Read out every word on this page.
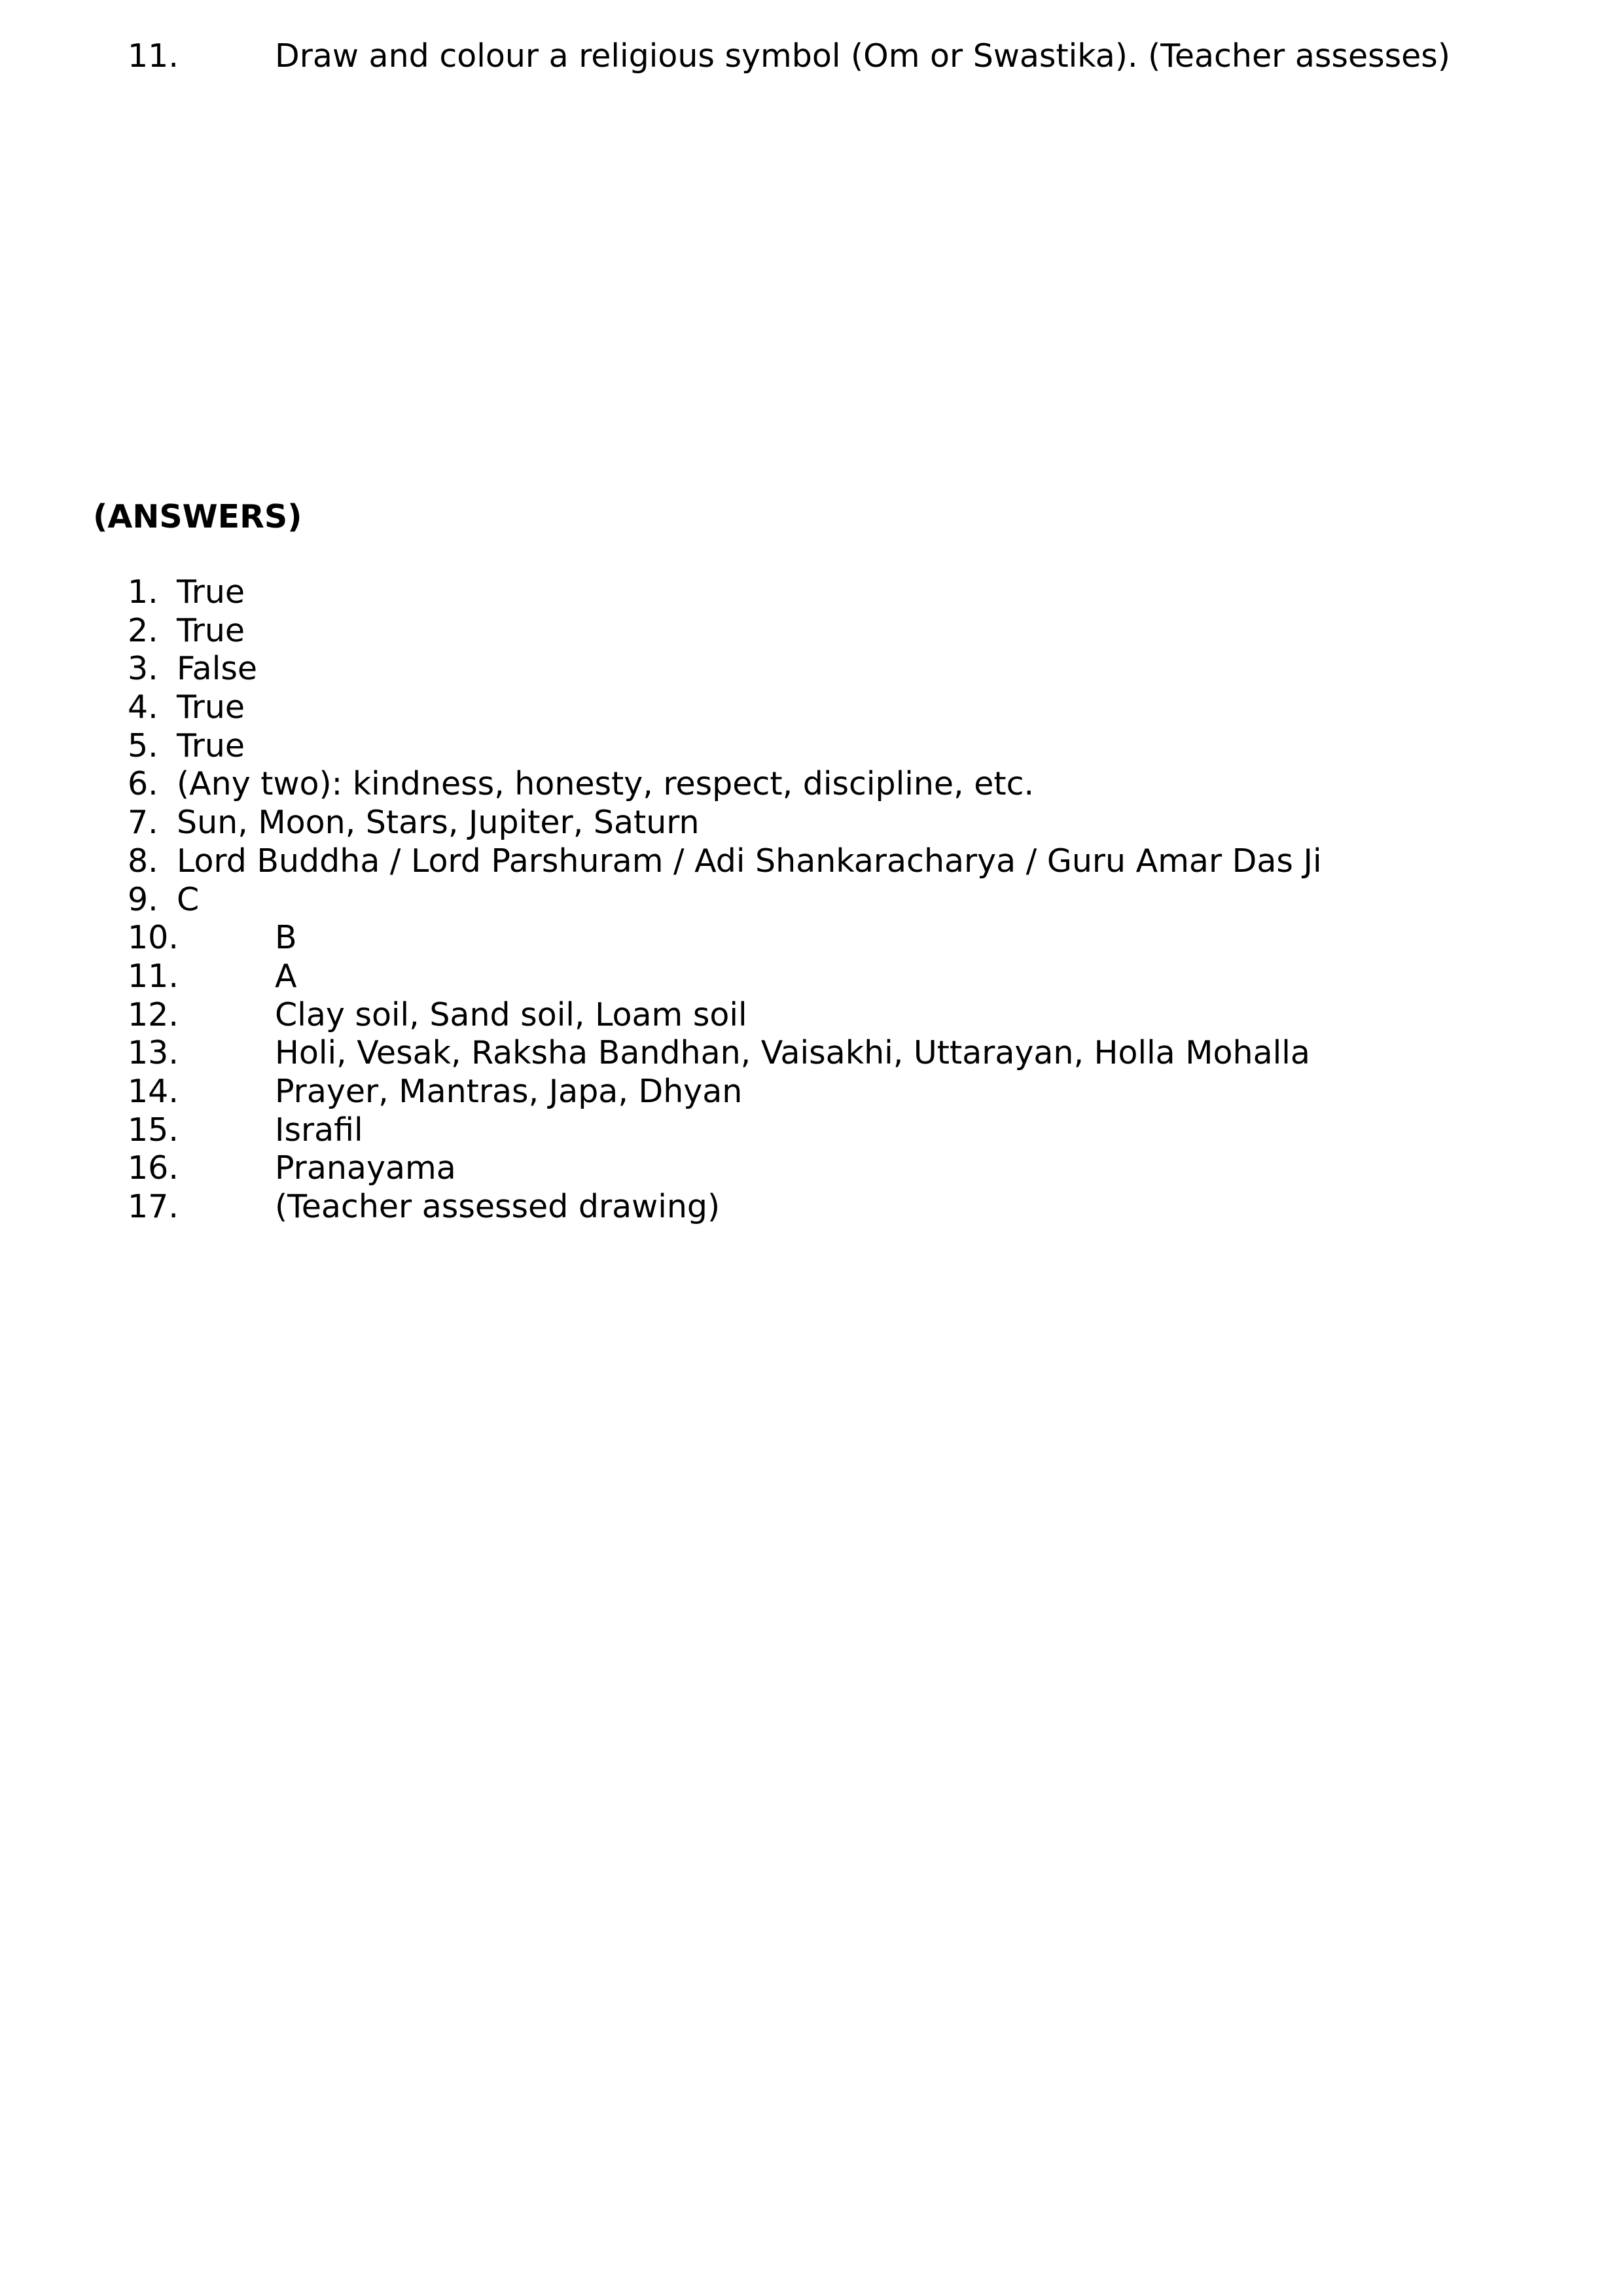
11.	Draw and colour a religious symbol (Om or Swastika). (Teacher assesses)
(ANSWERS)
1. True
2. True
3. False
4. True
5. True
6. (Any two): kindness, honesty, respect, discipline, etc.
7. Sun, Moon, Stars, Jupiter, Saturn
8. Lord Buddha / Lord Parshuram / Adi Shankaracharya / Guru Amar Das Ji
9. C
10.	B
11.	A
12.	Clay soil, Sand soil, Loam soil
13.	Holi, Vesak, Raksha Bandhan, Vaisakhi, Uttarayan, Holla Mohalla
14.	Prayer, Mantras, Japa, Dhyan
15.	Israfil
16.	Pranayama
17.	(Teacher assessed drawing)
